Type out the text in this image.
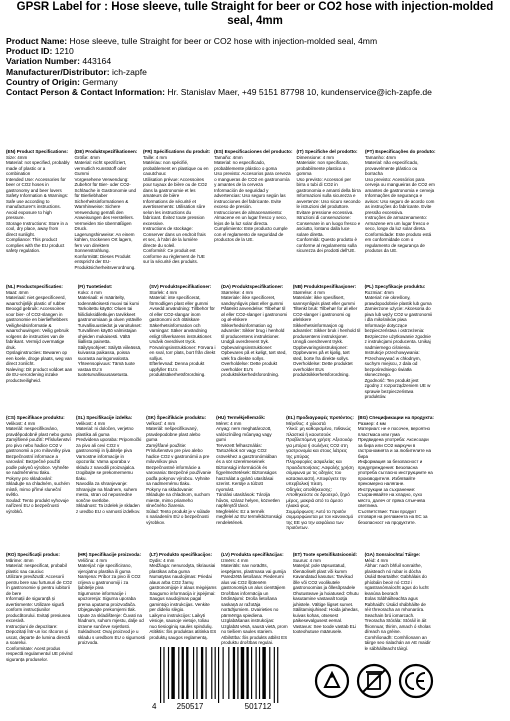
GPSR Label for : Hose sleeve, tulle Straight for beer or CO2 hose with injection-molded seal, 4mm
Product Name: Hose sleeve, tulle Straight for beer or CO2 hose with injection-molded seal, 4mm
Product ID: 1210
Variation Number: 443164
Manufacturer/Distributor: ich-zapfe
Country of Origin: Germany
Contact Person & Contact Information: Hr. Stanislav Maer, +49 5151 87798 10, kundenservice@ich-zapfe.de
(EN) Product Specifications:
Size: 4mm
Material: not specified, probably made of plastic or a combination
Intended Use: Accessories for beer or CO2 hoses in gastronomy and beer lovers
Safety Information & Warnings: Safe use according to manufacturer's instructions. Avoid exposure to high pressure.
Storage Instructions: Store in a cool, dry place, away from direct sunlight.
Compliance: This product complies with the EU product safety regulation.
(DE) Produktspezifikationen:
Größe: 4mm
Material: nicht spezifiziert, vermutlich Kunststoff oder Gummi
Vorgesehene Verwendung: Zubehör für Bier- oder CO2-Schläuche in Gastronomie und für Bierliebhaber
Sicherheitsinformationen & Warnhinweise: Sichere Verwendung gemäß den Anweisungen des Herstellers. Vermeiden Sie übermäßigen Druck.
Lagerungshinweise: An einem kühlen, trockenen Ort lagern, fern von direktem Sonnenstrahlung.
Konformität: Dieses Produkt entspricht der EU-Produktsicherheitsverordnung.
(FR) Spécifications du produit:
Taille: 4 mm
Matériau: non spécifié, probablement en plastique ou en caoutchouc
Utilisation prévue: Accessoires pour tuyaux de bière ou de CO2 dans la gastronomie et les amateurs de bière
Informations de sécurité et avertissements: Utilisation sûre selon les instructions du fabricant. Évitez toute pression excessive.
Instructions de stockage: Conserver dans un endroit frais et sec, à l'abri de la lumière directe du soleil.
Conformité: Ce produit est conforme au règlement de l'UE sur la sécurité des produits.
(ES) Especificaciones del producto:
Tamaño: 4mm
Material: no especificado, probablemente plástico o goma
Uso previsto: Accesorios para cerveza o mangueras de CO2 en gastronomía y amantes de la cerveza
Información de seguridad y advertencias: Uso seguro según las instrucciones del fabricante. Evite exceso de presión.
Instrucciones de almacenamiento: Almacene en un lugar fresco y seco, lejos de la luz solar directa.
Cumplimiento: Este producto cumple con el reglamento de seguridad de productos de la UE.
(IT) Specifiche del prodotto:
Dimensione: 4 mm
Materiale: non specificato, probabilmente plastica o gomma
Uso previsto: Accessori per birra o tubi di CO2 in gastronomia e amanti della birra
Informazioni sulla sicurezza e avvertenze: Uso sicuro secondo le istruzioni del produttore. Evitare pressione eccessiva.
Istruzioni di conservazione: Conservare in un luogo fresco e asciutto, lontano dalla luce solare diretta.
Conformità: Questo prodotto è conforme al regolamento sulla sicurezza dei prodotti dell'UE.
(PT) Especificações do produto:
Tamanho: 4mm
Material: não especificado, provavelmente plástico ou borracha
Uso previsto: Acessórios para cerveja ou mangueiras de CO2 em amantes de gastronomia e cerveja
Informações de segurança e avisos: Uso seguro de acordo com as instruções do fabricante. Evite pressão excessiva.
Instruções de armazenamento: Armazene em um lugar fresco e seco, longe da luz solar direta.
Conformidade: Este produto está em conformidade com o regulamento de segurança de produtos da UE.
(NL) Productspecificaties:
Maat: 4mm
Materiaal: niet gespecificeerd, waarschijnlijk plastic of rubber
Beoogd gebruik: Accessoires voor bier- of CO2-slangen in gastronomie en bierliefhebbers
Veiligheidsinformatie & waarschuwingen: Veilig gebruik volgens de instructies van de fabrikant. Vermijd overmatige druk.
Opslaginstructies: Bewaren op een koele, droge plaats, weg van direct zonlicht.
Naleving: Dit product voldoet aan de EU-verordening inzake productveiligheid.
(FI) Tuotetiedot:
Koko: 4 mm
Materiaali: ei määritelty, todennäköisesti muovi tai kumi
Tarkoitettu käyttö: Oluen tai hiilidioksidiletkujen tarvikkeet gastronomiaan ja oluen ystäville
Turvallisuustiedot ja varoitukset: Turvallinen käyttö valmistajan ohjeiden mukaisesti. Vältä liiallista painetta.
Säilytysohjeet: Säilytä viileässä, kuivassa paikassa, poissa suorasta auringonvalosta.
Yhteensopivuus: Tämä tuote vastaa EU:n tuoteturvallisuusasetusta.
(SV) Produktspecifikationer:
Storlek: 4 mm
Material: inte specificerat, förmodligen plast eller gummi
Avsedd användning: Tillbehör för öl eller CO2-slangar inom gastronomi och ölälskare
Säkerhetsinformation och varningar: Säker användning enligt tillverkarens instruktioner. Undvik överdrivet tryck.
Förvaringsinstruktioner: Förvara i en sval, torr plats, bort från direkt solljus.
Efterlevnad: Denna produkt uppfyller EU:s produktsäkerhetsförordning.
(DA) Produktspecifikationer:
Størrelse: 4 mm
Materiale: ikke specificeret, sandsynligvis plast eller gummi
Påtænkt anvendelse: Tilbehør til øl eller CO2-slanger i gastronomi og øl-elskere
Sikkerhedsinformation og advarsler: Sikker brug i henhold til producentens instruktioner. Undgå overdrevent tryk.
Opbevaringsinstruktioner: Opbevares på et køligt, tørt sted, væk fra direkte sollys.
Overholdelse: Dette produkt overholder EU's produktsikkerhedsforordning.
(NB) Produktspesifikasjoner:
Størrelse: 4 mm
Materiale: ikke spesifisert, sannsynligvis plast eller gummi
Tiltenkt bruk: Tilbehør for øl eller CO2-slanger i gastronomi og ølelskere
Sikkerhetsinformasjon og advarsler: Sikker bruk i henhold til produsentens instruksjoner. Unngå overdrevent trykk.
Oppbevaringsinstruksjoner: Oppbevares på et kjølig, tørt sted, borte fra direkte sollys.
Overholdelse: Dette produktet overholder EUs produktsikkerhetsforordning.
(PL) Specyfikacje produktu:
Rozmiar: 4mm
Materiał: nie określony, prawdopodobnie plastik lub guma
Zamierzone użycie: Akcesoria do piwa lub węży CO2 w gastronomii i dla miłośników piwa
Informacje dotyczące bezpieczeństwa i ostrzeżenia: Bezpieczne użytkowanie zgodnie z instrukcjami producenta. Unikaj nadmiernego ciśnienia.
Instrukcje przechowywania: Przechowywać w chłodnym, suchym miejscu, z dala od bezpośredniego światła słonecznego.
Zgodność: Ten produkt jest zgodny z rozporządzeniem UE w sprawie bezpieczeństwa produktów.
(CS) Specifikace produktu:
Velikost: 4 mm
Materiál: nespecifikováno, pravděpodobně plast nebo guma
Zamýšlené použití: Příslušenství pro pivo nebo hadice CO2 v gastronomii a pro milovníky piva
Bezpečnostní informace a varování: Bezpečné použití podle pokynů výrobce. Vyhněte se nadměrnému tlaku.
Pokyny pro skladování: Skladujte na chladném, suchém místě, mimo přímé sluneční světlo.
Soulad: Tento produkt vyhovuje nařízení EU o bezpečnosti výrobků.
(SL) Specifikacije izdelka:
Velikost: 4 mm
Material: ni določen, verjetno plastika ali guma
Predvidena uporaba: Pripomočki za pivo ali cevi CO2 v gastronomiji in ljubitelje piva
Varnostne informacije in opozorila: Varna uporaba v skladu z navodili proizvajalca. Izogibajte se prekomernemu tlaku.
Navodila za shranjevanje: Shranjujte na hladnem, suhem mestu, stran od neposredne sončne svetlobe.
Skladnost: Ta izdelek je skladen z uredbo EU o varnosti izdelkov.
(SK) Špecifikácie produktu:
Veľkosť: 4 mm
Materiál: nešpecifikovaný, pravdepodobne plast alebo guma
Zamýšľané použitie: Príslušenstvo pre pivo alebo hadice CO2 v gastronómii a pre milovníkov piva
Bezpečnostné informácie a varovania: Bezpečné používanie podľa pokynov výrobcu. Vyhnite sa nadmernému tlaku.
Pokyny na skladovanie: Skladujte na chladnom, suchom mieste, mimo priameho slnečného žiarenia.
Súlad: Tento produkt je v súlade s nariadením EÚ o bezpečnosti výrobkov.
(HU) Termékjellemzők:
Méret: 4 mm
Anyag: nem meghatározott, valószínűleg műanyag vagy gumi
Tervezett felhasználás: Tartozékok sör vagy CO2 csövekhez a gasztronómiában és a sör szerelmeseinek
Biztonsági információk és figyelmeztetések: Biztonságos használat a gyártó utasításai szerint. Kerülje a túlzott nyomást.
Tárolási utasítások: Tárolja hűvös, száraz helyen, közvetlen napfénytől távol.
Megfelelés: Ez a termék megfelel az EU termékbiztonsági rendeletének.
(EL) Προδιαγραφές προϊόντος:
Μέγεθος: 4 χιλιοστά
Υλικό: μη καθορισμένο, πιθανώς πλαστικό ή καουτσούκ
Προβλεπόμενη χρήση: Αξεσουάρ για μπύρα ή σωλήνες CO2 στη γαστρονομία και στους λάτρεις της μπύρας
Πληροφορίες ασφαλείας και προειδοποιήσεις: Ασφαλής χρήση σύμφωνα με τις οδηγίες του κατασκευαστή. Αποφύγετε την υπερβολική πίεση.
Οδηγίες αποθήκευσης: Αποθηκεύστε σε δροσερό, ξηρό μέρος, μακριά από το άμεσο ηλιακό φως.
Συμμόρφωση: Αυτό το προϊόν συμμορφώνεται με τον κανονισμό της ΕΕ για την ασφάλεια των προϊόντων.
(BG) Спецификации на продукта:
Размер: 4 мм
Материал: не е посочен, вероятно пластмаса или гума
Предвидена употреба: Аксесоари за бира или CO2 маркучи в гастрономията и за любителите на бира
Информация за безопасност и предупреждения: Безопасна употреба съгласно инструкциите на производителя. Избягвайте прекомерно налягане.
Инструкции за съхранение: Съхранявайте на хладно, сухо място, далеч от пряка слънчева светлина.
Съответствие: Този продукт отговаря на регламента на ЕС за безопасност на продуктите.
(RO) Specificații produs:
Mărime: 4mm
Material: nespecificat, probabil plastic sau cauciuc
Utilizare prevăzută: Accesorii pentru bere sau furtunuri de CO2 în gastronomie și pentru iubitorii de bere
Informații de siguranță și avertismente: Utilizare sigură conform instrucțiunilor producătorului. Evitați presiunea excesivă.
Instrucțiuni de depozitare: Depozitați într-un loc răcoros și uscat, departe de lumina directă a soarelui.
Conformitate: Acest produs respectă regulamentul UE privind siguranța produselor.
(HR) Specifikacije proizvoda:
Veličina: 4 mm
Materijal: nije specificirano, vjerojatno plastika ili guma
Namjena: Pribor za pivo ili CO2 crijeva u gastronomiji i za ljubitelje piva
Sigurnosne informacije i upozorenja: Sigurna uporaba prema uputama proizvođača. Izbjegavajte prekomjerni tlak.
Upute za skladištenje: Čuvati na hladnom, suhom mjestu, dalje od izravne sunčeve svjetlosti.
Sukladnost: Ovaj proizvod je u skladu s uredbom EU o sigurnosti proizvoda.
(LT) Produkto specifikacijos:
Dydis: 4 mm
Medžiaga: nenurodyta, tikriausiai plastikas arba guma
Numatytas naudojimas: Priedai alaus arba CO2 žarnų gastronomijoje ir alaus mėgėjams
Saugumo informacija ir įspėjimai: Saugus naudojimas pagal gamintojo instrukcijas. Venkite per didelio slėgio.
Laikymo instrukcijos: Laikyti vėsioje, sausoje vietoje, toliau nuo tiesioginių saulės spindulių.
Atitiktis: Šis produktas atitinka ES produktų saugos reglamentą.
(LV) Produkta specifikācijas:
Izmērs: 4 mm
Materiāls: nav norādīts, iespējams, plastmasa vai gumija
Paredzētā lietošana: Piederumi alus vai CO2 šļūtenēm gastronomijā un alus cienītājiem
Drošības informācija un brīdinājumi: Droša lietošana saskaņā ar ražotāja norādījumiem. Izvairieties no pārmērīga spiediena.
Uzglabāšanas instrukcijas: Uzglabāt vēsā, sausā vietā, prom no tiešiem saules stariem.
Atbilstība: Šis produkts atbilst ES produktu drošības regulai.
(ET) Toote spetsifikatsioonid:
Suurus: 4 mm
Materjal: pole täpsustatud, tõenäoliselt plast või kumm
Kavandatud kasutus: Tarvikud õlle või CO2 voolikutele gastronoomias ja õllesõpradele
Ohutusteave ja hoiatused: Ohutu kasutamine vastavalt tootja juhistele. Vältige liigset survet.
Säilitamisjuhised: Hoida jahedas, kuivas kohas, otsesest päikesevalgusest eemal.
Vastavus: See toode vastab ELi tooteohutuse määrusele.
(GA) Sonraíochtaí Táirge:
Méid: 4 mm
Ábhar: nach bhfuil sonraithe, plaisteach nó rubar is dócha
Úsáid Beartaithe: Gabhálais do phíobáin beoir nó CO2 i ngastranómaíocht agus do lucht leanúna beorach
Eolas Sábháilteachta agus Rabhaidh: Úsáid shábháilte de réir threoracha an mhonaróra. Seachain brú iomarcach.
Treoracha Stórála: Stóráil in áit fhionnuar, thirim, amach ó sholas díreach na gréine.
Comhlíonadh: Comhlíonann an táirge seo rialachán an AE maidir le sábháilteacht táirgí.
4	250517	501712
